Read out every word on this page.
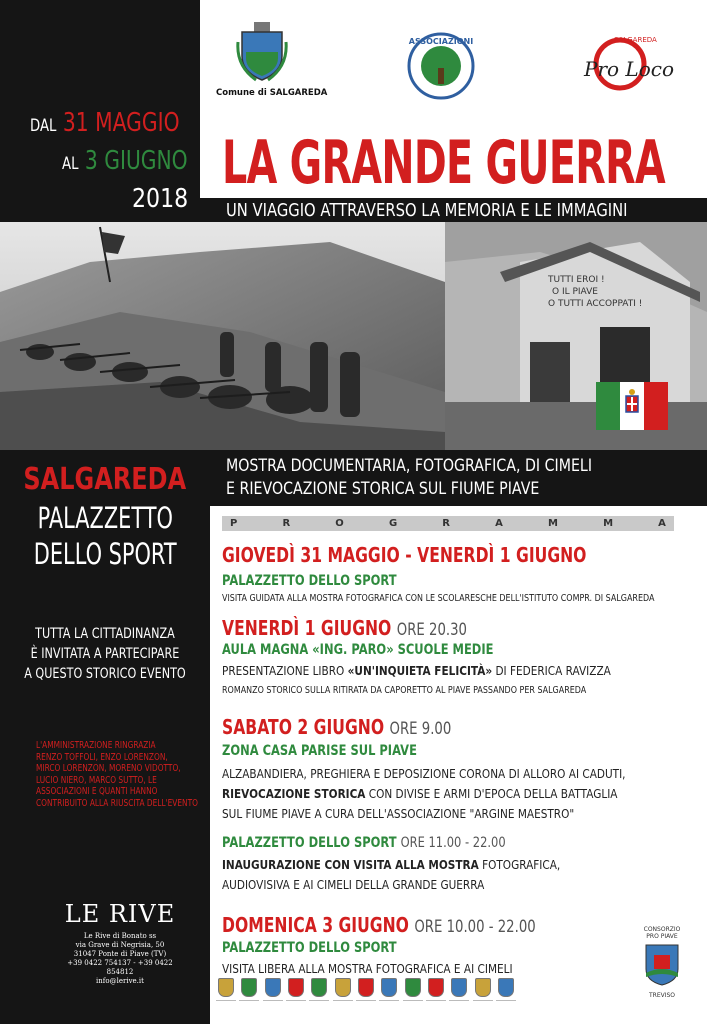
TUTTI EROI !
O IL PIAVE
O TUTTI ACCOPPATI !
DAL 31 MAGGIO
AL 3 GIUGNO
2018
LA GRANDE GUERRA
UN VIAGGIO ATTRAVERSO LA MEMORIA E LE IMMAGINI
Comune di SALGAREDA
ASSOCIAZIONI	SALGAREDA
Pro Loco
SALGAREDA
PALAZZETTO
DELLO SPORT
TUTTA LA CITTADINANZA
È INVITATA A PARTECIPARE
A QUESTO STORICO EVENTO
L'AMMINISTRAZIONE RINGRAZIA
RENZO TOFFOLI, ENZO LORENZON,
MIRCO LORENZON, MORENO VIDOTTO,
LUCIO NIERO, MARCO SUTTO, LE
ASSOCIAZIONI E QUANTI HANNO
CONTRIBUITO ALLA RIUSCITA DELL'EVENTO
LE RIVE
Le Rive di Bonato ss
via Grave di Negrisia, 50
31047 Ponte di Piave (TV)
+39 0422 754137 - +39 0422 854812
info@lerive.it
MOSTRA DOCUMENTARIA, FOTOGRAFICA, DI CIMELI
E RIEVOCAZIONE STORICA SUL FIUME PIAVE
P	R	O	G	R	A	M	M	A
GIOVEDÌ 31 MAGGIO - VENERDÌ 1 GIUGNO
PALAZZETTO DELLO SPORT
VISITA GUIDATA ALLA MOSTRA FOTOGRAFICA CON LE SCOLARESCHE DELL'ISTITUTO COMPR. DI SALGAREDA
VENERDÌ 1 GIUGNO ORE 20.30
AULA MAGNA «ING. PARO» SCUOLE MEDIE
PRESENTAZIONE LIBRO «UN'INQUIETA FELICITÀ» DI FEDERICA RAVIZZA
ROMANZO STORICO SULLA RITIRATA DA CAPORETTO AL PIAVE PASSANDO PER SALGAREDA
SABATO 2 GIUGNO ORE 9.00
ZONA CASA PARISE SUL PIAVE
ALZABANDIERA, PREGHIERA E DEPOSIZIONE CORONA DI ALLORO AI CADUTI,
RIEVOCAZIONE STORICA CON DIVISE E ARMI D'EPOCA DELLA BATTAGLIA
SUL FIUME PIAVE A CURA DELL'ASSOCIAZIONE "ARGINE MAESTRO"
PALAZZETTO DELLO SPORT ORE 11.00 - 22.00
INAUGURAZIONE CON VISITA ALLA MOSTRA FOTOGRAFICA,
AUDIOVISIVA E AI CIMELI DELLA GRANDE GUERRA
DOMENICA 3 GIUGNO ORE 10.00 - 22.00
PALAZZETTO DELLO SPORT
VISITA LIBERA ALLA MOSTRA FOTOGRAFICA E AI CIMELI
CONSORZIO
PRO PIAVE
TREVISO
